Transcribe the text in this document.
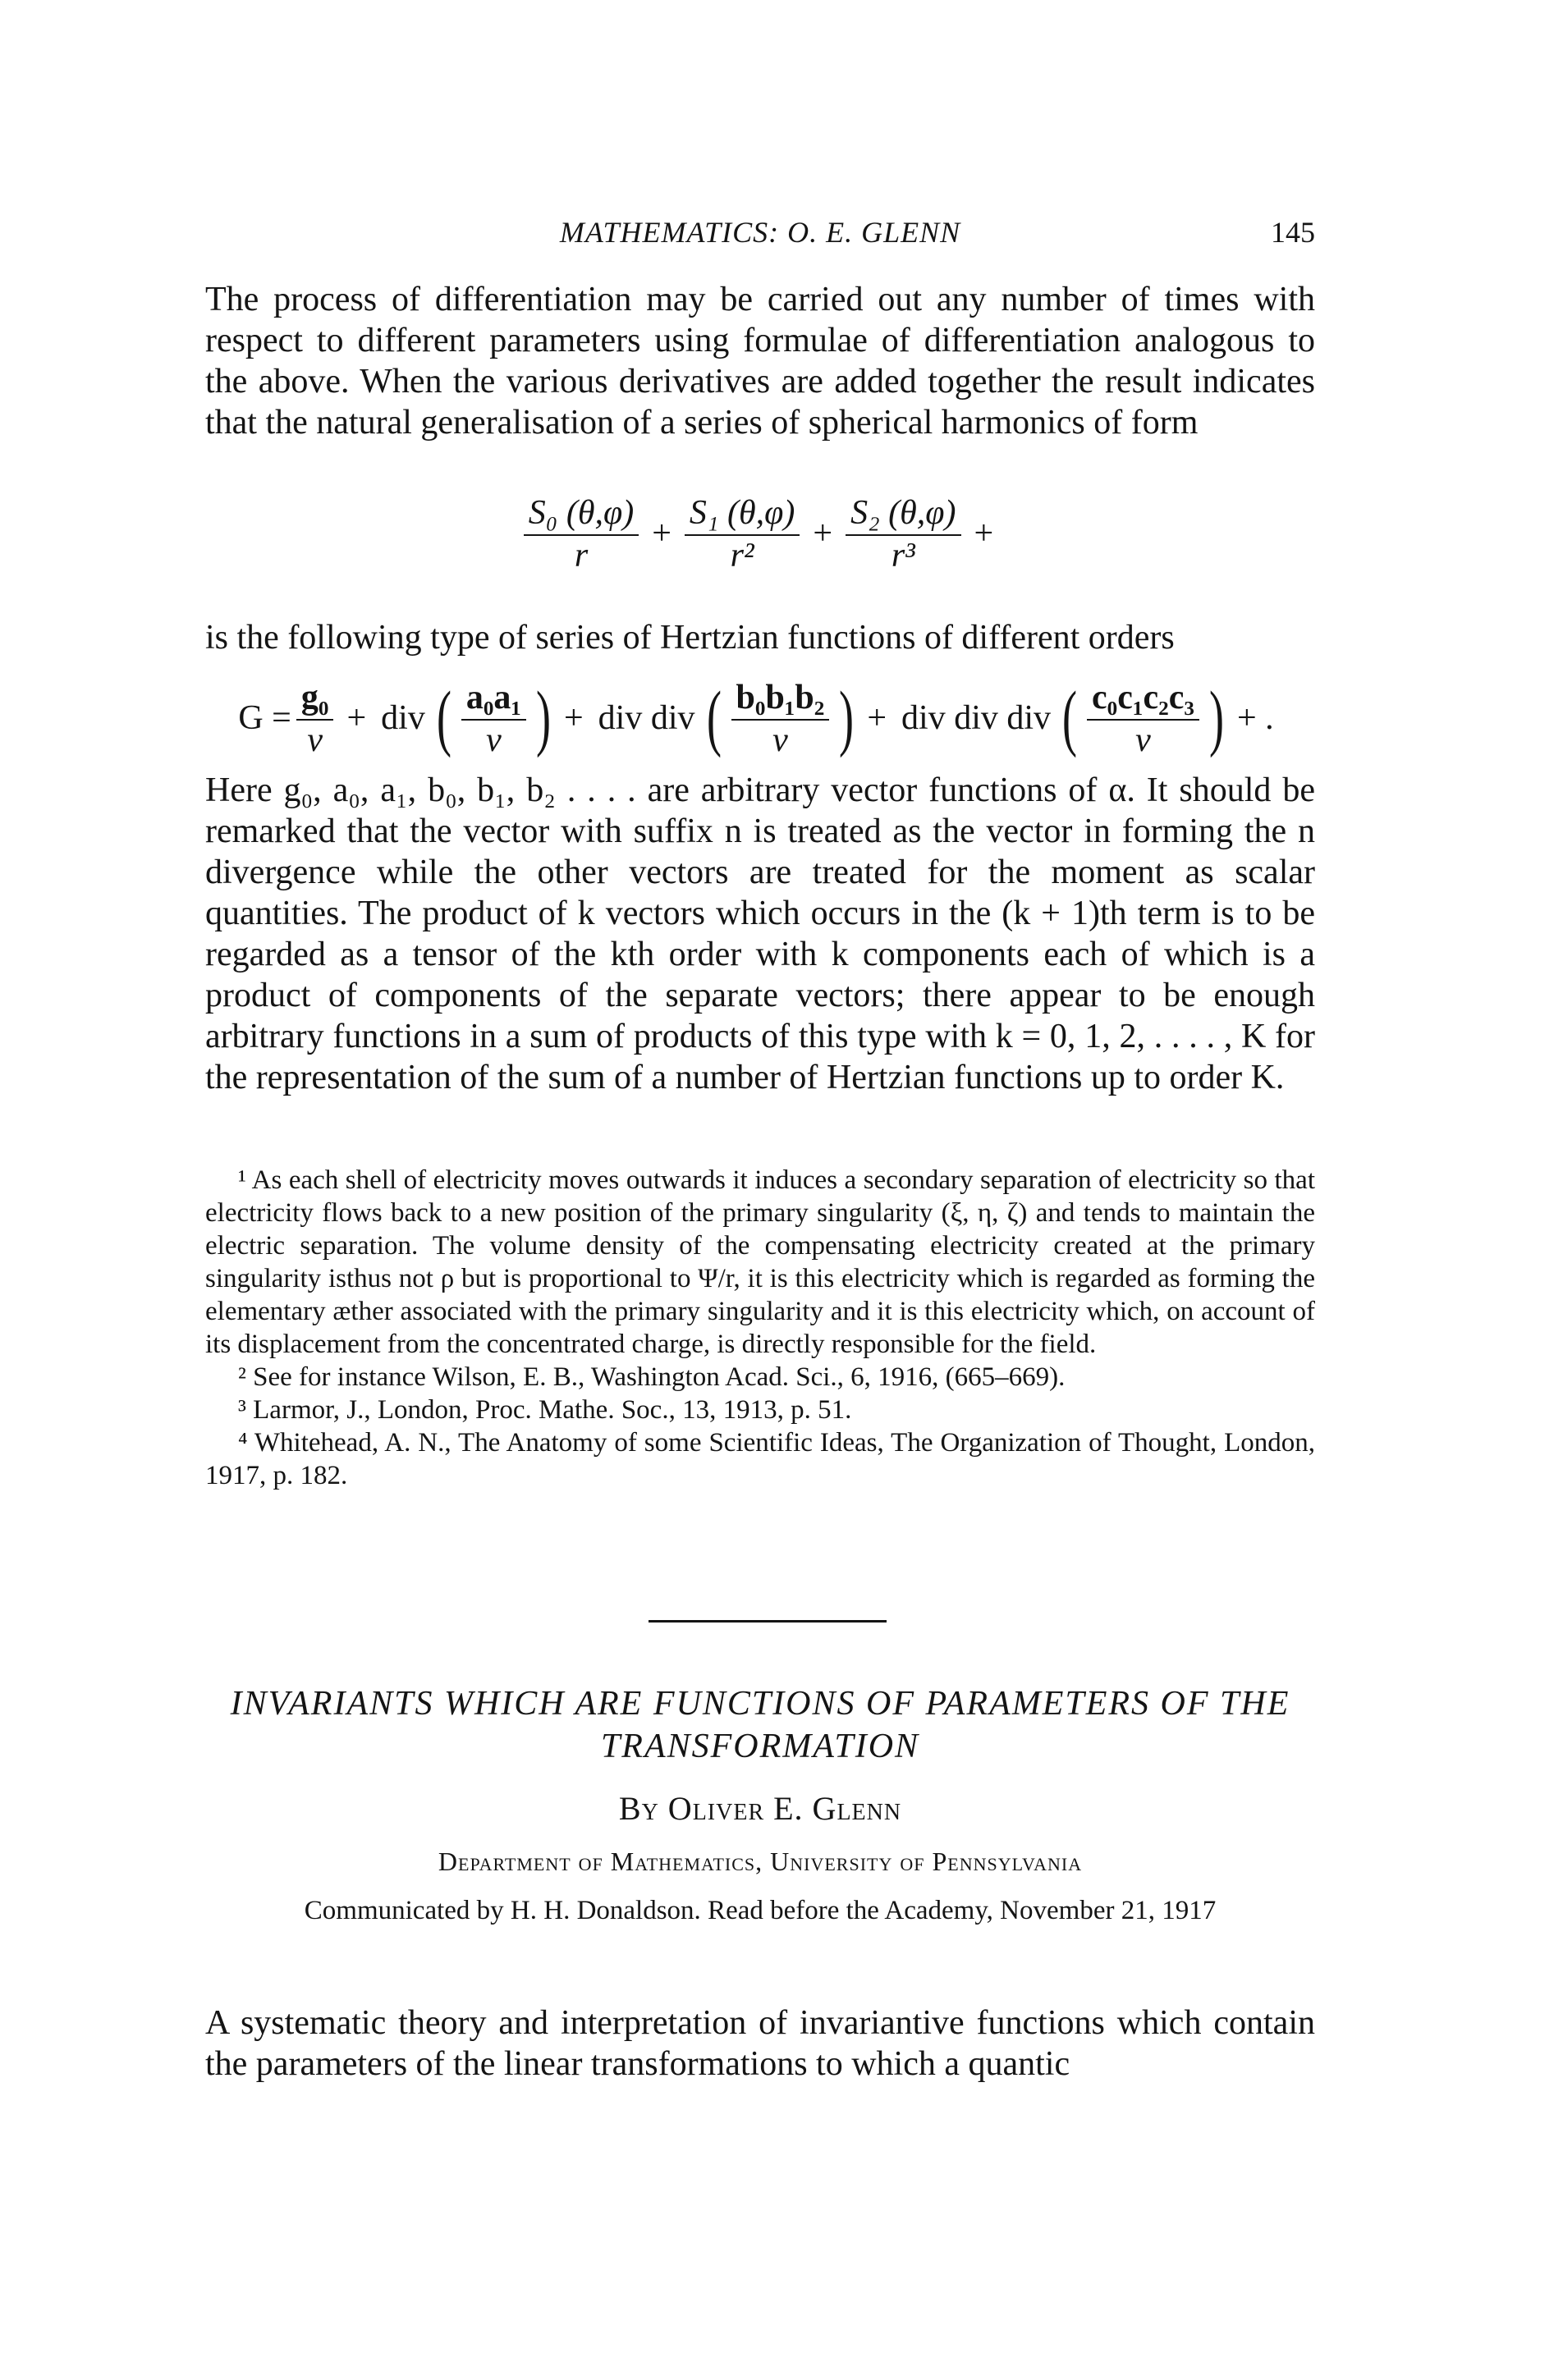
MATHEMATICS: O. E. GLENN	145
The process of differentiation may be carried out any number of times with respect to different parameters using formulae of differentiation analogous to the above. When the various derivatives are added together the result indicates that the natural generalisation of a series of spherical harmonics of form
$\frac{\text{S₀ (θ,φ)}}{r} + \frac{\text{S₁ (θ,φ)}}{\text{r²}} + \frac{\text{S₂ (θ,φ)}}{\text{r³}}$ +
is the following type of series of Hertzian functions of different orders
$G = \frac{\text{g₀}}{\nu}$ + div ( $\frac{\text{a₀a₁}}{\nu}$ ) + div div ( $\frac{\text{b₀b₁b₂}}{\nu}$ ) + div div div ( $\frac{\text{c₀c₁c₂c₃}}{\nu}$ ) + .
Here g₀, a₀, a₁, b₀, b₁, b₂ . . . . are arbitrary vector functions of α. It should be remarked that the vector with suffix n is treated as the vector in forming the n divergence while the other vectors are treated for the moment as scalar quantities. The product of k vectors which occurs in the (k + 1)th term is to be regarded as a tensor of the kth order with k components each of which is a product of components of the separate vectors; there appear to be enough arbitrary functions in a sum of products of this type with k = 0, 1, 2, . . . . , K for the representation of the sum of a number of Hertzian functions up to order K.

¹ As each shell of electricity moves outwards it induces a secondary separation of electricity so that electricity flows back to a new position of the primary singularity (ξ, η, ζ) and tends to maintain the electric separation. The volume density of the compensating electricity created at the primary singularity isthus not ρ but is proportional to Ψ/r, it is this electricity which is regarded as forming the elementary æther associated with the primary singularity and it is this electricity which, on account of its displacement from the concentrated charge, is directly responsible for the field.

² See for instance Wilson, E. B., Washington Acad. Sci., 6, 1916, (665–669).

³ Larmor, J., London, Proc. Mathe. Soc., 13, 1913, p. 51.

⁴ Whitehead, A. N., The Anatomy of some Scientific Ideas, The Organization of Thought, London, 1917, p. 182.

INVARIANTS WHICH ARE FUNCTIONS OF PARAMETERS OF THE
TRANSFORMATION
By Oliver E. Glenn
Department of Mathematics, University of Pennsylvania
Communicated by H. H. Donaldson. Read before the Academy, November 21, 1917
A systematic theory and interpretation of invariantive functions which contain the parameters of the linear transformations to which a quantic
